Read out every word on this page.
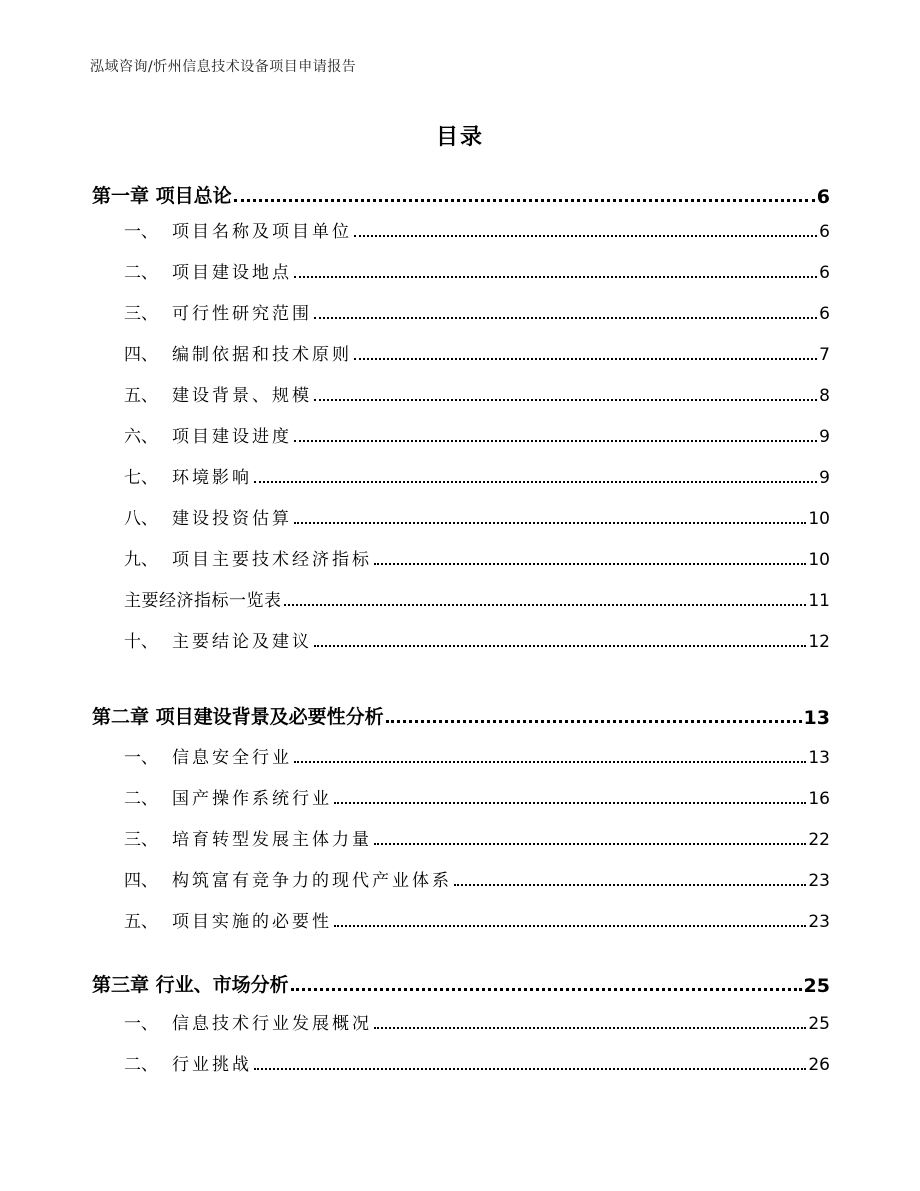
泓域咨询/忻州信息技术设备项目申请报告
目录
第一章 项目总论	6
一、 项目名称及项目单位	6
二、 项目建设地点	6
三、 可行性研究范围	6
四、 编制依据和技术原则	7
五、 建设背景、规模	8
六、 项目建设进度	9
七、 环境影响	9
八、 建设投资估算	10
九、 项目主要技术经济指标	10
主要经济指标一览表	11
十、 主要结论及建议	12
第二章 项目建设背景及必要性分析	13
一、 信息安全行业	13
二、 国产操作系统行业	16
三、 培育转型发展主体力量	22
四、 构筑富有竞争力的现代产业体系	23
五、 项目实施的必要性	23
第三章 行业、市场分析	25
一、 信息技术行业发展概况	25
二、 行业挑战	26
